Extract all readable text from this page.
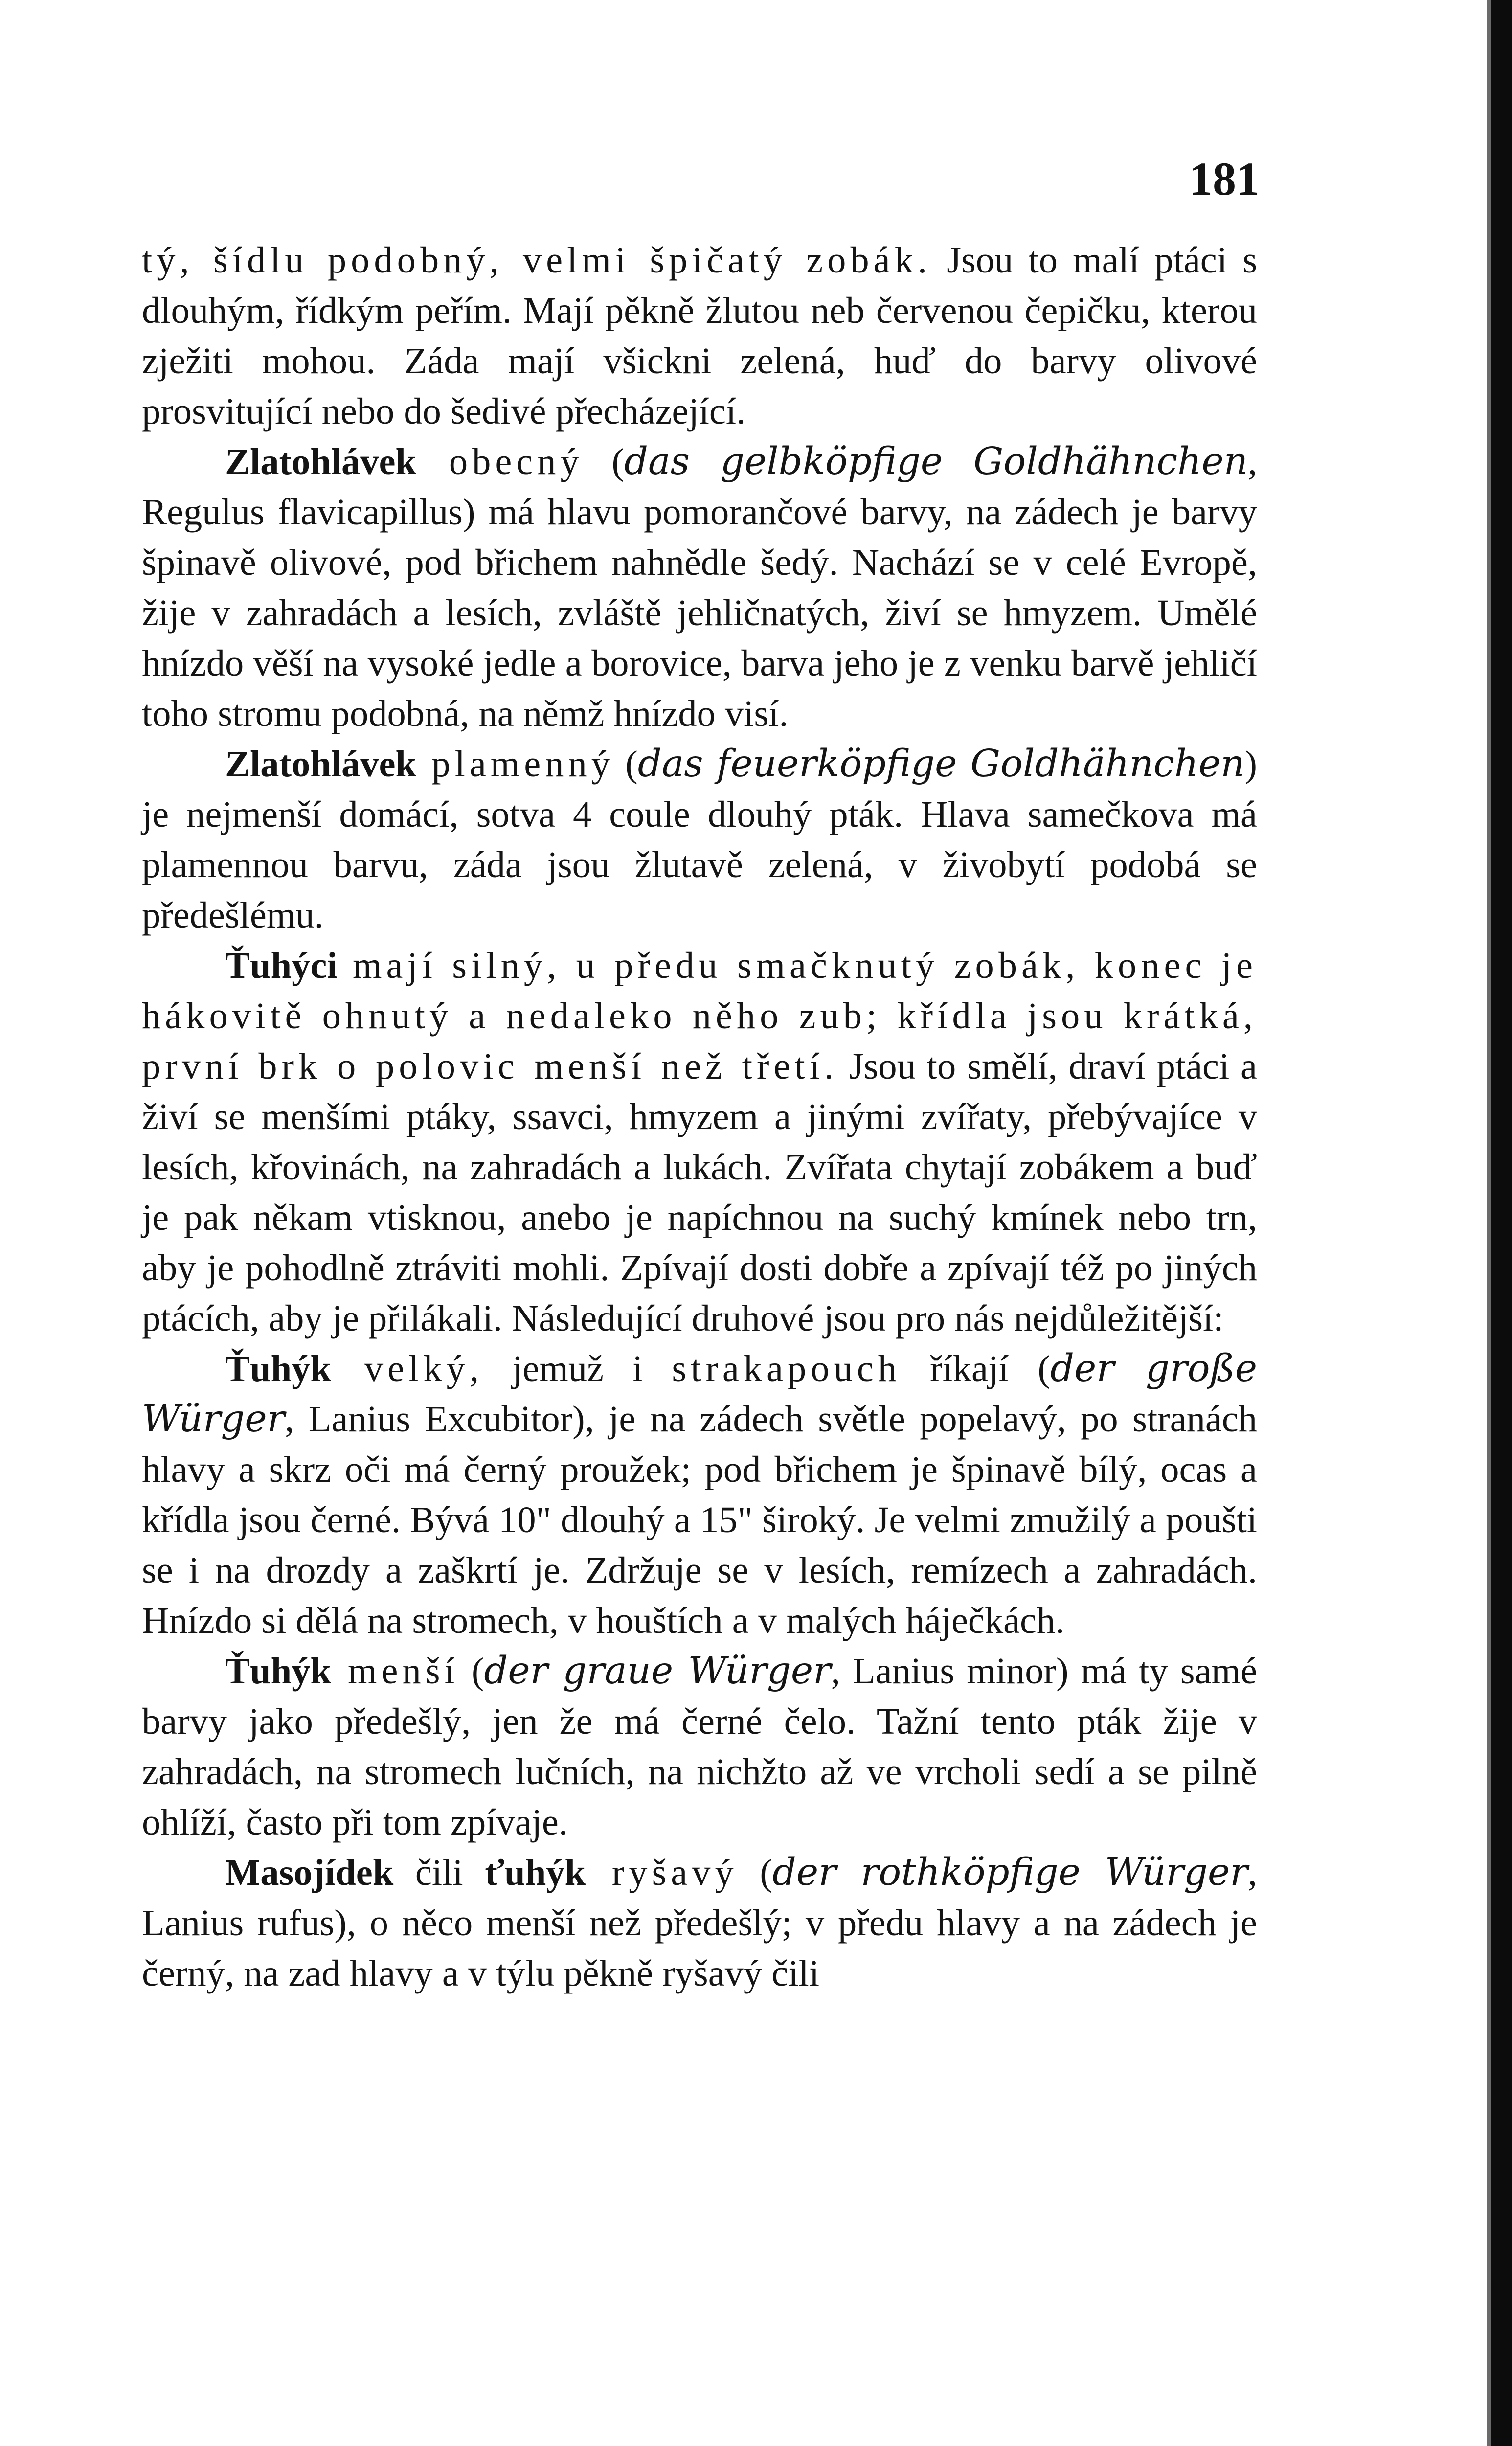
181

tý, šídlu podobný, velmi špičatý zobák. Jsou to malí ptáci s dlouhým, řídkým peřím. Mají pěkně žlutou neb červenou čepičku, kterou zježiti mohou. Záda mají všickni zelená, huď do barvy olivové prosvitující nebo do šedivé přecházející.

Zlatohlávek obecný (das gelbköpfige Goldhähnchen, Regulus flavicapillus) má hlavu pomorančové barvy, na zádech je barvy špinavě olivové, pod břichem nahnědle šedý. Nachází se v celé Evropě, žije v zahradách a lesích, zvláště jehličnatých, živí se hmyzem. Umělé hnízdo věší na vysoké jedle a borovice, barva jeho je z venku barvě jehličí toho stromu podobná, na němž hnízdo visí.

Zlatohlávek plamenný (das feuerköpfige Goldhähnchen) je nejmenší domácí, sotva 4 coule dlouhý pták. Hlava samečkova má plamennou barvu, záda jsou žlutavě zelená, v živobytí podobá se předešlému.

Ťuhýci mají silný, u předu smačknutý zobák, konec je hákovitě ohnutý a nedaleko něho zub; křídla jsou krátká, první brk o polovic menší než třetí. Jsou to smělí, draví ptáci a živí se menšími ptáky, ssavci, hmyzem a jinými zvířaty, přebývajíce v lesích, křovinách, na zahradách a lukách. Zvířata chytají zobákem a buď je pak někam vtisknou, anebo je napíchnou na suchý kmínek nebo trn, aby je pohodlně ztráviti mohli. Zpívají dosti dobře a zpívají též po jiných ptácích, aby je přilákali. Následující druhové jsou pro nás nejdůležitější:

Ťuhýk velký, jemuž i strakapouch říkají (der große Würger, Lanius Excubitor), je na zádech světle popelavý, po stranách hlavy a skrz oči má černý proužek; pod břichem je špinavě bílý, ocas a křídla jsou černé. Bývá 10" dlouhý a 15" široký. Je velmi zmužilý a poušti se i na drozdy a zaškrtí je. Zdržuje se v lesích, remízech a zahradách. Hnízdo si dělá na stromech, v houštích a v malých háječkách.

Ťuhýk menší (der graue Würger, Lanius minor) má ty samé barvy jako předešlý, jen že má černé čelo. Tažní tento pták žije v zahradách, na stromech lučních, na nichžto až ve vrcholi sedí a se pilně ohlíží, často při tom zpívaje.

Masojídek čili ťuhýk ryšavý (der rothköpfige Würger, Lanius rufus), o něco menší než předešlý; v předu hlavy a na zádech je černý, na zad hlavy a v týlu pěkně ryšavý čili
